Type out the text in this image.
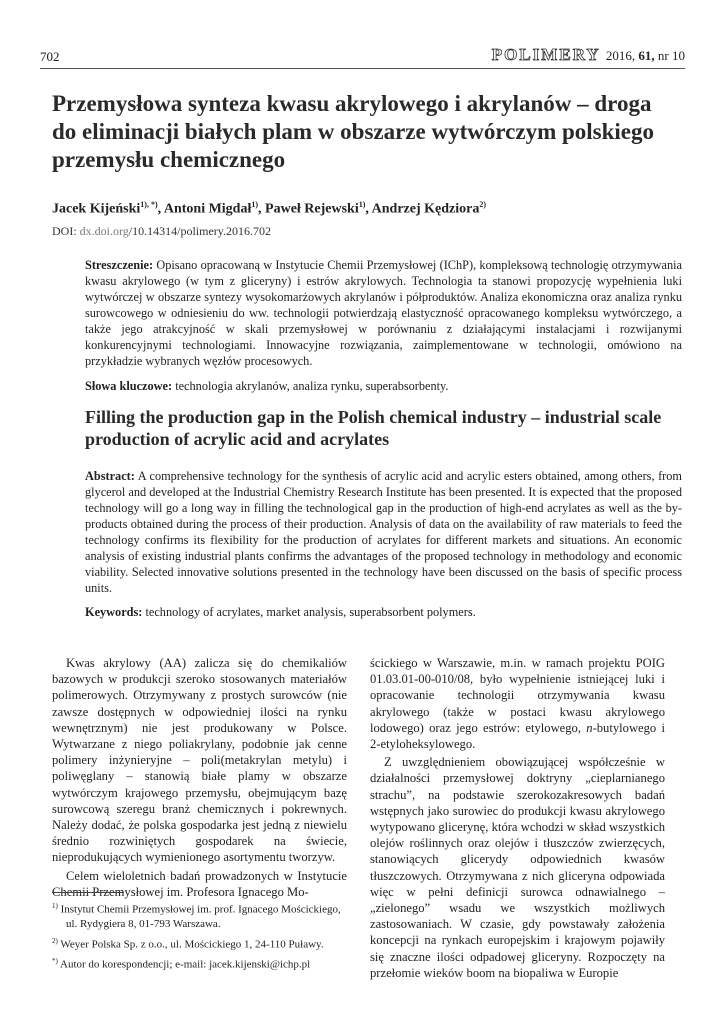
702	POLIMERY 2016, 61, nr 10
Przemysłowa synteza kwasu akrylowego i akrylanów – droga do eliminacji białych plam w obszarze wytwórczym polskiego przemysłu chemicznego
Jacek Kijeński$^{1), *)}$, Antoni Migdał$^{1)}$, Paweł Rejewski$^{1)}$, Andrzej Kędziora$^{2)}$
DOI: dx.doi.org/10.14314/polimery.2016.702

Streszczenie: Opisano opracowaną w Instytucie Chemii Przemysłowej (IChP), kompleksową technologię otrzymywania kwasu akrylowego (w tym z gliceryny) i estrów akrylowych. Technologia ta stanowi propozycję wypełnienia luki wytwórczej w obszarze syntezy wysokomarżowych akrylanów i półproduktów. Analiza ekonomiczna oraz analiza rynku surowcowego w odniesieniu do ww. technologii potwierdzają elastyczność opracowanego kompleksu wytwórczego, a także jego atrakcyjność w skali przemysłowej w porównaniu z działającymi instalacjami i rozwijanymi konkurencyjnymi technologiami. Innowacyjne rozwiązania, zaimplementowane w technologii, omówiono na przykładzie wybranych węzłów procesowych.

Słowa kluczowe: technologia akrylanów, analiza rynku, superabsorbenty.

Filling the production gap in the Polish chemical industry – industrial scale production of acrylic acid and acrylates

Abstract: A comprehensive technology for the synthesis of acrylic acid and acrylic esters obtained, among others, from glycerol and developed at the Industrial Chemistry Research Institute has been presented. It is expected that the proposed technology will go a long way in filling the technological gap in the production of high-end acrylates as well as the by-products obtained during the process of their production. Analysis of data on the availability of raw materials to feed the technology confirms its flexibility for the production of acrylates for different markets and situations. An economic analysis of existing industrial plants confirms the advantages of the proposed technology in methodology and economic viability. Selected innovative solutions presented in the technology have been discussed on the basis of specific process units.

Keywords: technology of acrylates, market analysis, superabsorbent polymers.

Kwas akrylowy (AA) zalicza się do chemikaliów bazowych w produkcji szeroko stosowanych materiałów polimerowych. Otrzymywany z prostych surowców (nie zawsze dostępnych w odpowiedniej ilości na rynku wewnętrznym) nie jest produkowany w Polsce. Wytwarzane z niego poliakrylany, podobnie jak cenne polimery inżynieryjne – poli(metakrylan metylu) i poliwęglany – stanowią białe plamy w obszarze wytwórczym krajowego przemysłu, obejmującym bazę surowcową szeregu branż chemicznych i pokrewnych. Należy dodać, że polska gospodarka jest jedną z niewielu średnio rozwiniętych gospodarek na świecie, nieprodukujących wymienionego asortymentu tworzyw.

Celem wieloletnich badań prowadzonych w Instytucie Chemii Przemysłowej im. Profesora Ignacego Mo-

ścickiego w Warszawie, m.in. w ramach projektu POIG 01.03.01-00-010/08, było wypełnienie istniejącej luki i opracowanie technologii otrzymywania kwasu akrylowego (także w postaci kwasu akrylowego lodowego) oraz jego estrów: etylowego, n-butylowego i 2-etyloheksylowego.

Z uwzględnieniem obowiązującej współcześnie w działalności przemysłowej doktryny „cieplarnianego strachu”, na podstawie szerokozakresowych badań wstępnych jako surowiec do produkcji kwasu akrylowego wytypowano glicerynę, która wchodzi w skład wszystkich olejów roślinnych oraz olejów i tłuszczów zwierzęcych, stanowiących glicerydy odpowiednich kwasów tłuszczowych. Otrzymywana z nich gliceryna odpowiada więc w pełni definicji surowca odnawialnego – „zielonego” wsadu we wszystkich możliwych zastosowaniach. W czasie, gdy powstawały założenia koncepcji na rynkach europejskim i krajowym pojawiły się znaczne ilości odpadowej gliceryny. Rozpoczęty na przełomie wieków boom na biopaliwa w Europie

$^{1)}$ Instytut Chemii Przemysłowej im. prof. Ignacego Mościckiego, ul. Rydygiera 8, 01-793 Warszawa.

$^{2)}$ Weyer Polska Sp. z o.o., ul. Mościckiego 1, 24-110 Puławy.

*) Autor do korespondencji; e-mail: jacek.kijenski@ichp.pl
